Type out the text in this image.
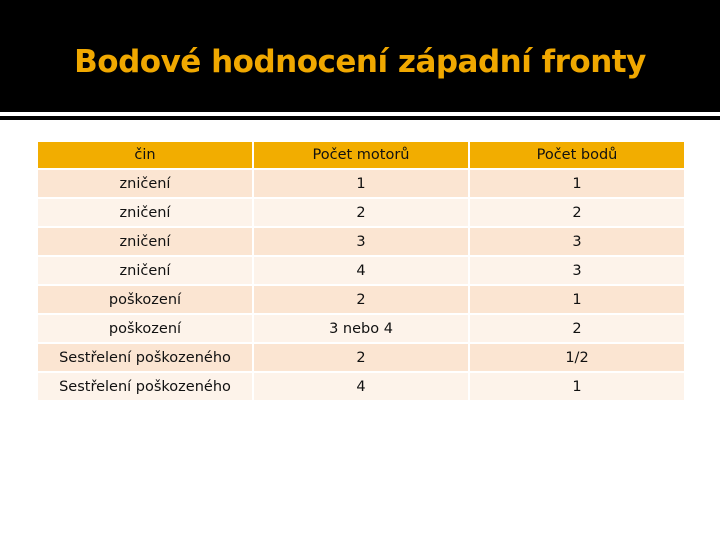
Bodové hodnocení západní fronty
čin	Počet motorů	Počet bodů
zničení	1	1
zničení	2	2
zničení	3	3
zničení	4	3
poškození	2	1
poškození	3 nebo 4	2
Sestřelení poškozeného	2	1/2
Sestřelení poškozeného	4	1
